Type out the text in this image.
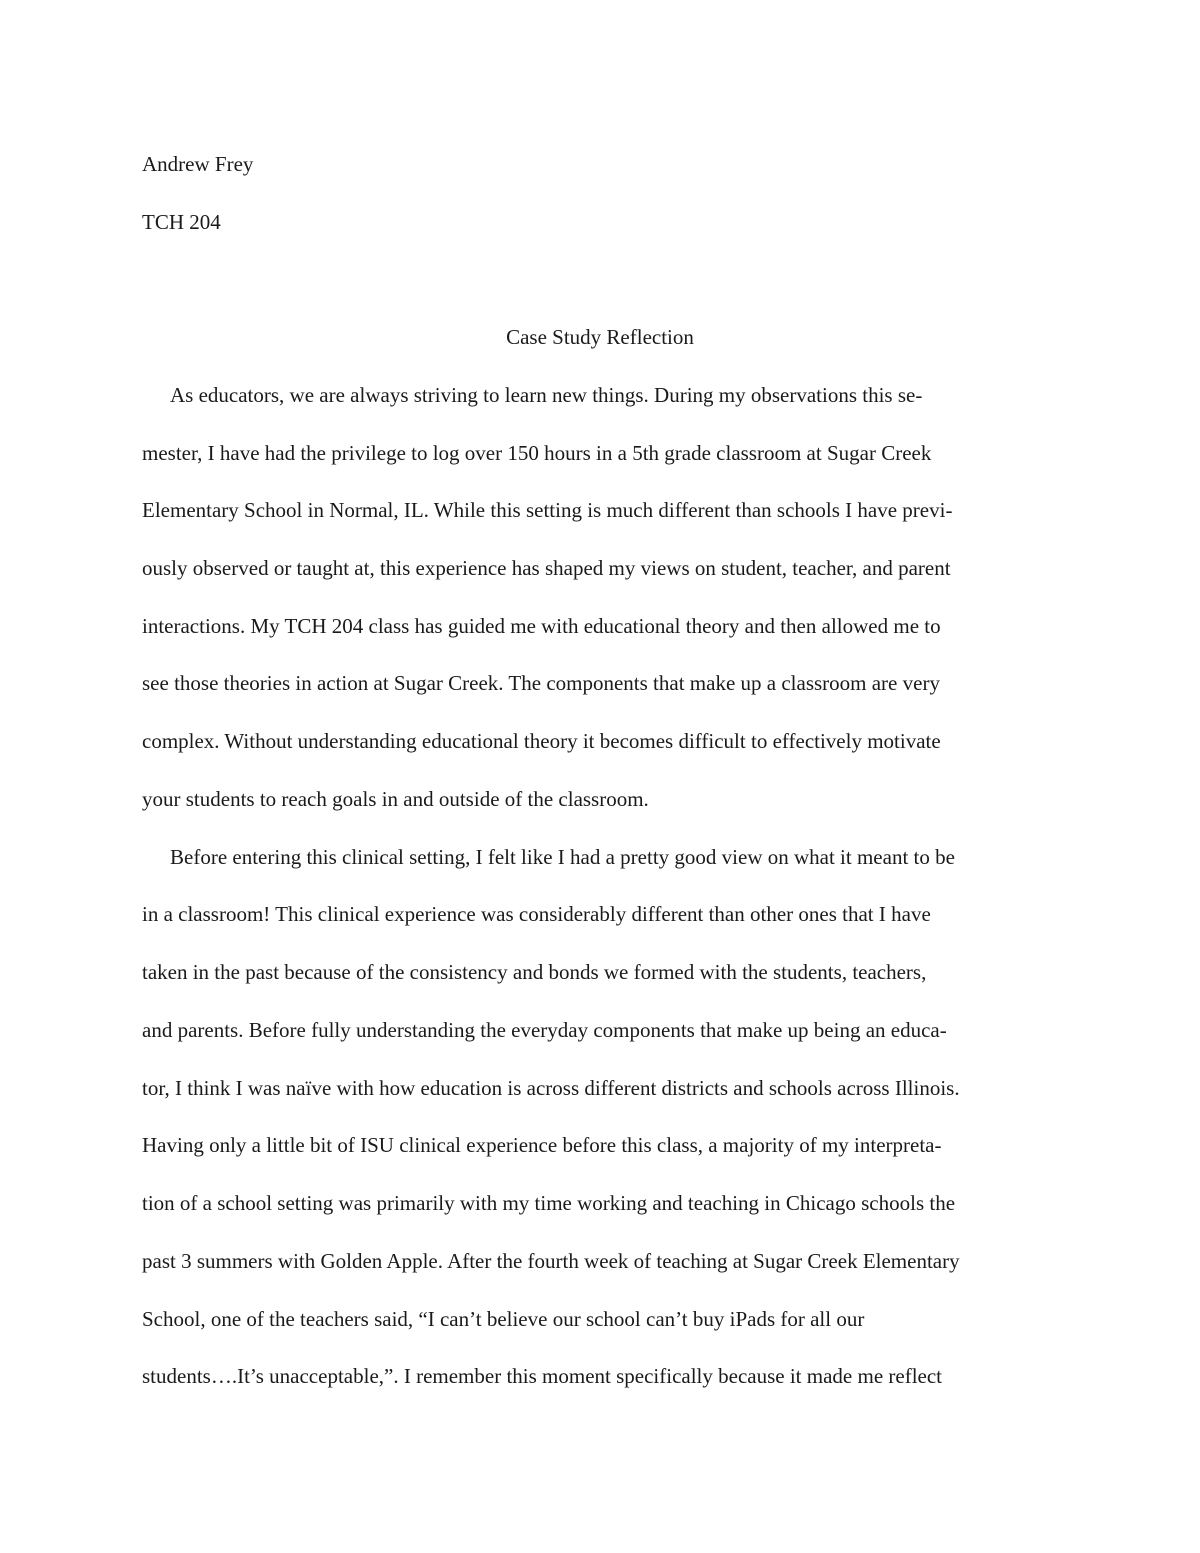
Andrew Frey

TCH 204

Case Study Reflection

As educators, we are always striving to learn new things. During my observations this se-

mester, I have had the privilege to log over 150 hours in a 5th grade classroom at Sugar Creek

Elementary School in Normal, IL. While this setting is much different than schools I have previ-

ously observed or taught at, this experience has shaped my views on student, teacher, and parent

interactions. My TCH 204 class has guided me with educational theory and then allowed me to

see those theories in action at Sugar Creek. The components that make up a classroom are very

complex. Without understanding educational theory it becomes difficult to effectively motivate

your students to reach goals in and outside of the classroom.

Before entering this clinical setting, I felt like I had a pretty good view on what it meant to be

in a classroom! This clinical experience was considerably different than other ones that I have

taken in the past because of the consistency and bonds we formed with the students, teachers,

and parents. Before fully understanding the everyday components that make up being an educa-

tor, I think I was naïve with how education is across different districts and schools across Illinois.

Having only a little bit of ISU clinical experience before this class, a majority of my interpreta-

tion of a school setting was primarily with my time working and teaching in Chicago schools the

past 3 summers with Golden Apple. After the fourth week of teaching at Sugar Creek Elementary

School, one of the teachers said, “I can’t believe our school can’t buy iPads for all our

students….It’s unacceptable,”. I remember this moment specifically because it made me reflect
